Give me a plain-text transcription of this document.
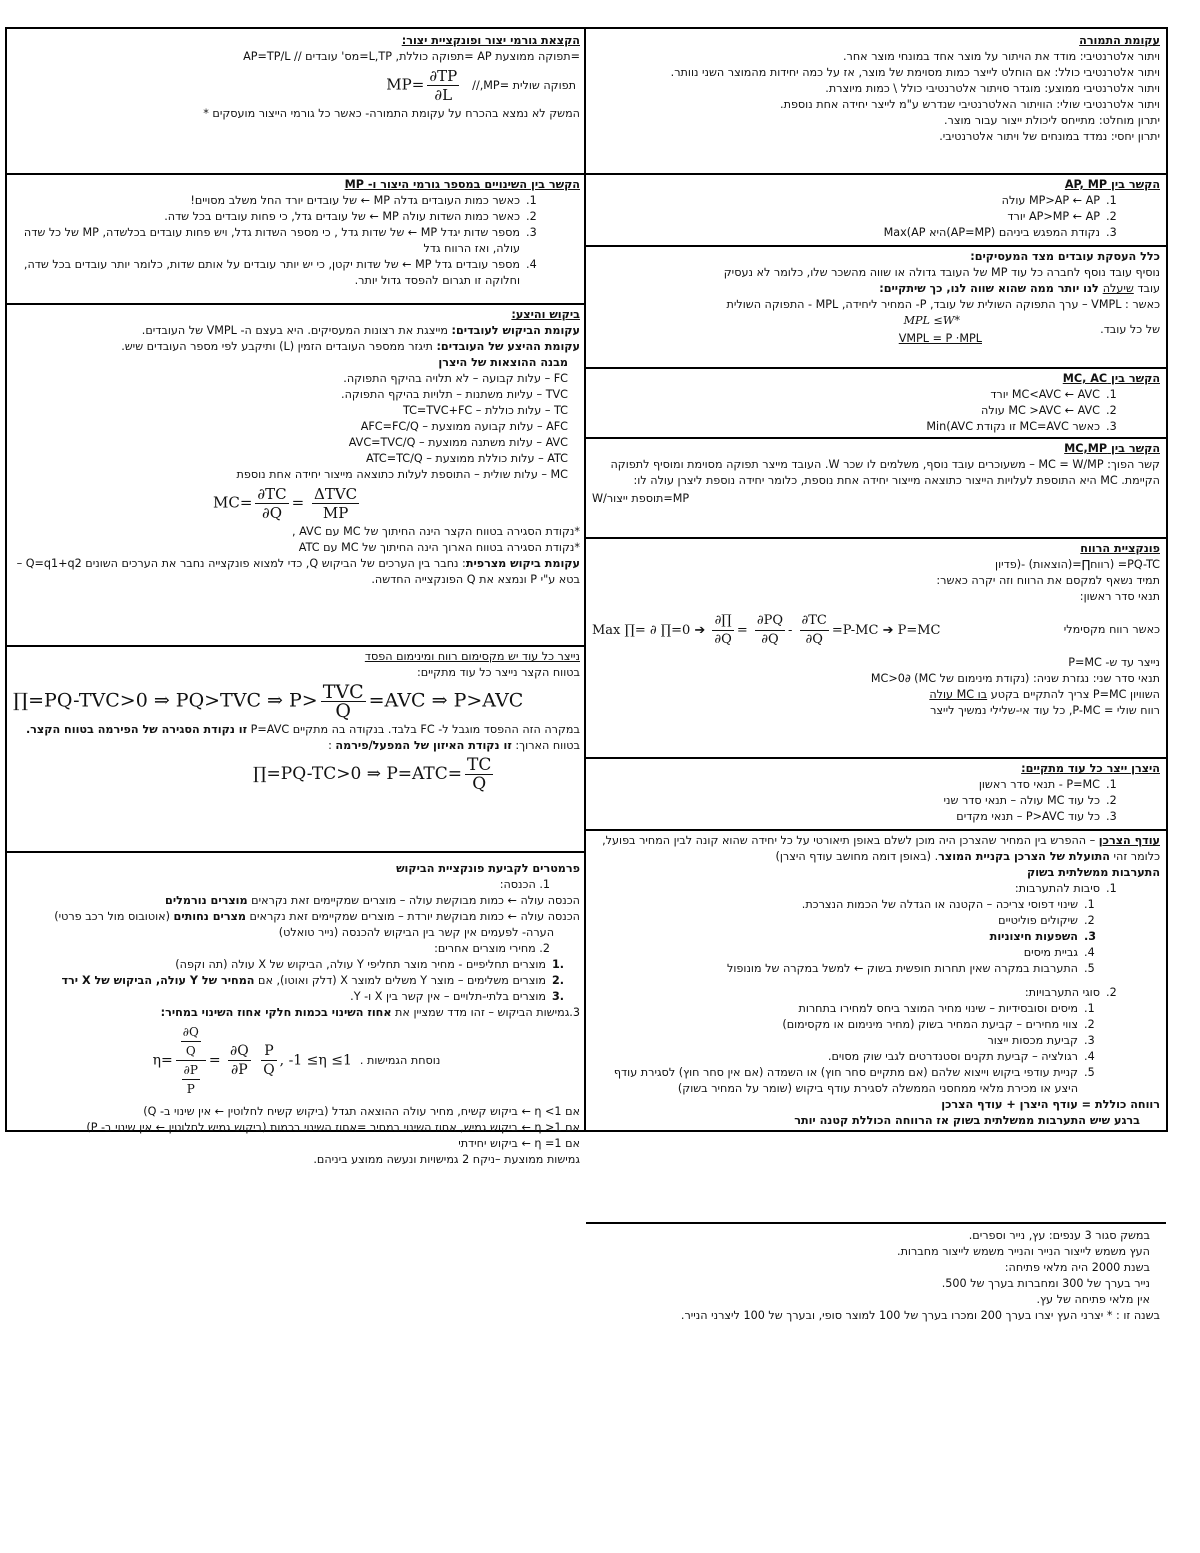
עקומת התמורה
ויתור אלטרנטיבי: מודד את הויתור על מוצר אחד במונחי מוצר אחר.
ויתור אלטרנטיבי כולל: אם הוחלט לייצר כמות מסוימת של מוצר, אז על כמה יחידות מהמוצר השני נוותר.
ויתור אלטרנטיבי ממוצע: מוגדר סויתור אלטרנטיבי כולל \ כמות מיוצרת.
ויתור אלטרנטיבי שולי: הוויתור האלטרנטיבי שנדרש ע"מ לייצר יחידה אחת נוספת.
יתרון מוחלט: מתייחס ליכולת ייצור עבור מוצר.
יתרון יחסי: נמדד במונחים של ויתור אלטרנטיבי.
הקשר בין AP, MP
1.
MP>AP ← AP עולה
2.
AP>MP ← AP יורד
3.
נקודת המפגש ביניהם (AP=MP)היא Max(AP
כלל העסקת עובדים מצד המעסיקים:
נוסיף עובד נוסף לחברה כל עוד MP של העובד גדולה או שווה מהשכר שלו, כלומר לא נעסיק
עובד שיעלה לנו יותר ממה שהוא שווה לנו, כך שיתקיים:
כאשר : VMPL – ערך התפוקה השולית של עובד, P- המחיר ליחידה, MPL - התפוקה השולית
MPL ≤W*
של כל עובד.
VMPL = P ·MPL
הקשר בין MC, AC
1.
MC<AVC ← AVC יורד
2.
MC >AVC ← AVC עולה
3.
כאשר MC=AVC זו נקודת Min(AVC
הקשר בין MC,MP
קשר הפוך: MC = W/MP – משעוכרים עובד נוסף, משלמים לו שכר W. העובד מייצר תפוקה מסוימת ומוסיף לתפוקה הקיימת. MC היא התוספת לעלויות הייצור כתוצאה מייצור יחידה אחת נוספת, כלומר יחידה נוספת ליצרן עולה לו:
W/תוספת ייצור=MP
פונקציית הרווח
PQ-TC= (רווח∏=(הוצאות) -(פדיון
תמיד נשאף למקסם את הרווח וזה יקרה כאשר:
תנאי סדר ראשון:
כאשר רווח מקסימלי
Max ∏= ∂ ∏=0 ➔ $\frac{\partial\prod}{\partial Q} = \frac{\partial PQ}{\partial Q} - \frac{\partial TC}{\partial Q} =P-MC$ ➔ P=MC
נייצר עד ש- P=MC
תנאי סדר שני: נגזרת שניה: (נקודת מינימום של MC) ∂MC>0
השוויון P=MC צריך להתקיים בקטע בו MC עולה
רווח שולי = P-MC, כל עוד אי-שלילי נמשיך לייצר
היצרן ייצר כל עוד מתקיים:
1.
P=MC - תנאי סדר ראשון
2.
כל עוד MC עולה – תנאי סדר שני
3.
כל עוד P>AVC – תנאי מקדים
עודף הצרכן – ההפרש בין המחיר שהצרכן היה מוכן לשלם באופן תיאורטי על כל יחידה שהוא קונה לבין המחיר בפועל, כלומר זהי התועלת של הצרכן בקניית המוצר. (באופן דומה מחושב עודף היצרן)
התערבות ממשלתית בשוק
1.
סיבות להתערבות:
1.
שינוי דפוסי צריכה – הקטנה או הגדלה של הכמות הנצרכת.
2.
שיקולים פוליטיים
3.
השפעות חיצוניות
4.
גביית מיסים
5.
התערבות במקרה שאין תחרות חופשית בשוק ← למשל במקרה של מונופול
2.
סוגי התערבויות:
1.
מיסים וסובסידיות – שינוי מחיר המוצר ביחס למחירו בתחרות
2.
צווי מחירים – קביעת המחיר בשוק (מחיר מינימום או מקסימום)
3.
קביעת מכסות ייצור
4.
רגולציה – קביעת תקנים וסטנדרטים לגבי שוק מסוים.
5.
קניית עודפי ביקוש וייצוא שלהם (אם מתקיים סחר חוץ) או השמדה (אם אין סחר חוץ) לסגירת עודף היצע או מכירת מלאי ממחסני הממשלה לסגירת עודף ביקוש (שומר על המחיר בשוק)
רווחה כוללת = עודף היצרן + עודף הצרכן
ברגע שיש התערבות ממשלתית בשוק אז הרווחה הכוללת קטנה יותר
במשק סגור 3 ענפים: עץ, נייר וספרים.
העץ משמש לייצור הנייר והנייר משמש לייצור מחברות.
בשנת 2000 היה מלאי פתיחה:
נייר בערך של 300 ומחברות בערך של 500.
אין מלאי פתיחה של עץ.
בשנה זו : * יצרני העץ יצרו בערך 200 ומכרו בערך של 100 למוצר סופי, ובערך של 100 ליצרני הנייר.
הקצאת גורמי יצור ופונקציית יצור:
=תפוקה ממוצעת AP =תפוקה כוללת, L,TP=מס' עובדים // AP=TP/L
תפוקה שולית =MP,//
$MP= \frac{\partial TP}{\partial L}$
המשק לא נמצא בהכרח על עקומת התמורה- כאשר כל גורמי הייצור מועסקים *
הקשר בין השינויים במספר גורמי היצור ו- MP
1.
כאשר כמות העובדים גדלה MP ← של עובדים יורד החל משלב מסויים!
2.
כאשר כמות השדות עולה MP ← של עובדים גדל, כי פחות עובדים בכל שדה.
3.
מספר שדות יגדל MP ← של שדות גדל , כי מספר השדות גדל, ויש פחות עובדים בכלשדה, MP של כל שדה עולה, ואז הרווח גדל
4.
מספר עובדים גדל MP ← של שדות יקטן, כי יש יותר עובדים על אותם שדות, כלומר יותר עובדים בכל שדה, וחלוקה זו תגרום להפסד גדול יותר.
ביקוש והיצע:
עקומת הביקוש לעובדים: מייצגת את רצונות המעסיקים. היא בעצם ה- VMPL של העובדים.
עקומת ההיצע של העובדים: תיגזר ממספר העובדים הזמין (L) ותיקבע לפי מספר העובדים שיש.
מבנה ההוצאות של היצרן
FC – עלות קבועה – לא תלויה בהיקף התפוקה.
TVC – עליות משתנות – תלויות בהיקף התפוקה.
TC – עלות כוללת – TC=TVC+FC
AFC – עלות קבועה ממוצעת – AFC=FC/Q
AVC – עלות משתנה ממוצעת – AVC=TVC/Q
ATC – עלות כוללת ממוצעת – ATC=TC/Q
MC – עלות שולית – התוספת לעלות כתוצאה מייצור יחידה אחת נוספת
$MC= \frac{\partial TC}{\partial Q} = \frac{\text{ΔTVC}}{MP}$
*נקודת הסגירה בטווח הקצר הינה החיתוך של MC עם AVC ,
*נקודת הסגירה בטווח הארוך הינה החיתוך של MC עם ATC
עקומת ביקוש מצרפית: נחבר בין הערכים של הביקוש Q, כדי למצוא פונקצייה נחבר את הערכים השונים Q=q1+q2 –בטא ע"י P ונמצא את Q הפונקצייה החדשה.
נייצר כל עוד יש מקסימום רווח ומינימום הפסד
בטווח הקצר נייצר כל עוד מתקיים:
∏=PQ-TVC>0 ⇒ PQ>TVC ⇒ $P> \frac{\text{TVC}}{Q} =AVC$ ⇒ P>AVC
במקרה הזה ההפסד מוגבל ל- FC בלבד. בנקודה בה מתקיים P=AVC זו נקודת הסגירה של הפירמה בטווח הקצר.
בטווח הארוך: זו נקודת האיזון של המפעל/פירמה :
∏=PQ-TC>0 ⇒ $P=ATC= \frac{TC}{Q}$
פרמטרים לקביעת פונקציית הביקוש
1. הכנסה:
הכנסה עולה ← כמות מבוקשת עולה – מוצרים שמקיימים זאת נקראים מוצרים נורמלים
הכנסה עולה ← כמות מבוקשת יורדת – מוצרים שמקיימים זאת נקראים מצרים נחותים (אוטובוס מול רכב פרטי)
הערה- לפעמים אין קשר בין הביקוש להכנסה (נייר טואלט)
2. מחירי מוצרים אחרים:
.1
מוצרים תחליפיים - מחיר מוצר תחליפי Y עולה, הביקוש של X עולה (תה וקפה)
.2
מוצרים משלימים – מוצר Y משלים למוצר X (דלק ואוטו), אם המחיר של Y עולה, הביקוש של X ירד
.3
מוצרים בלתי-תלויים – אין קשר בין X ו- Y.
3.גמישות הביקוש – זהו מדד שמציין את אחוז השינוי בכמות חלקי אחוז השינוי במחיר:
נוסחת הגמישות .
$\eta= \frac{\frac{\partial Q}{Q}}{\frac{\partial P}{P}} = \frac{\partial Q}{\partial P}$
$\frac{P}{Q}$ , -1 ≤η ≤1
אם η <1 ← ביקוש קשיח, מחיר עולה ההוצאה תגדל (ביקוש קשיח לחלוטין ← אין שינוי ב- Q)
אם η >1 ← ביקוש גמיש, אחוז השינוי במחיר =אחוז השינוי בכמות (ביקוש גמיש לחלוטין ← אין שינוי ב- P)
אם η =1 ← ביקוש יחידתי
גמישות ממוצעת –ניקח 2 גמישויות ונעשה ממוצע ביניהם.
